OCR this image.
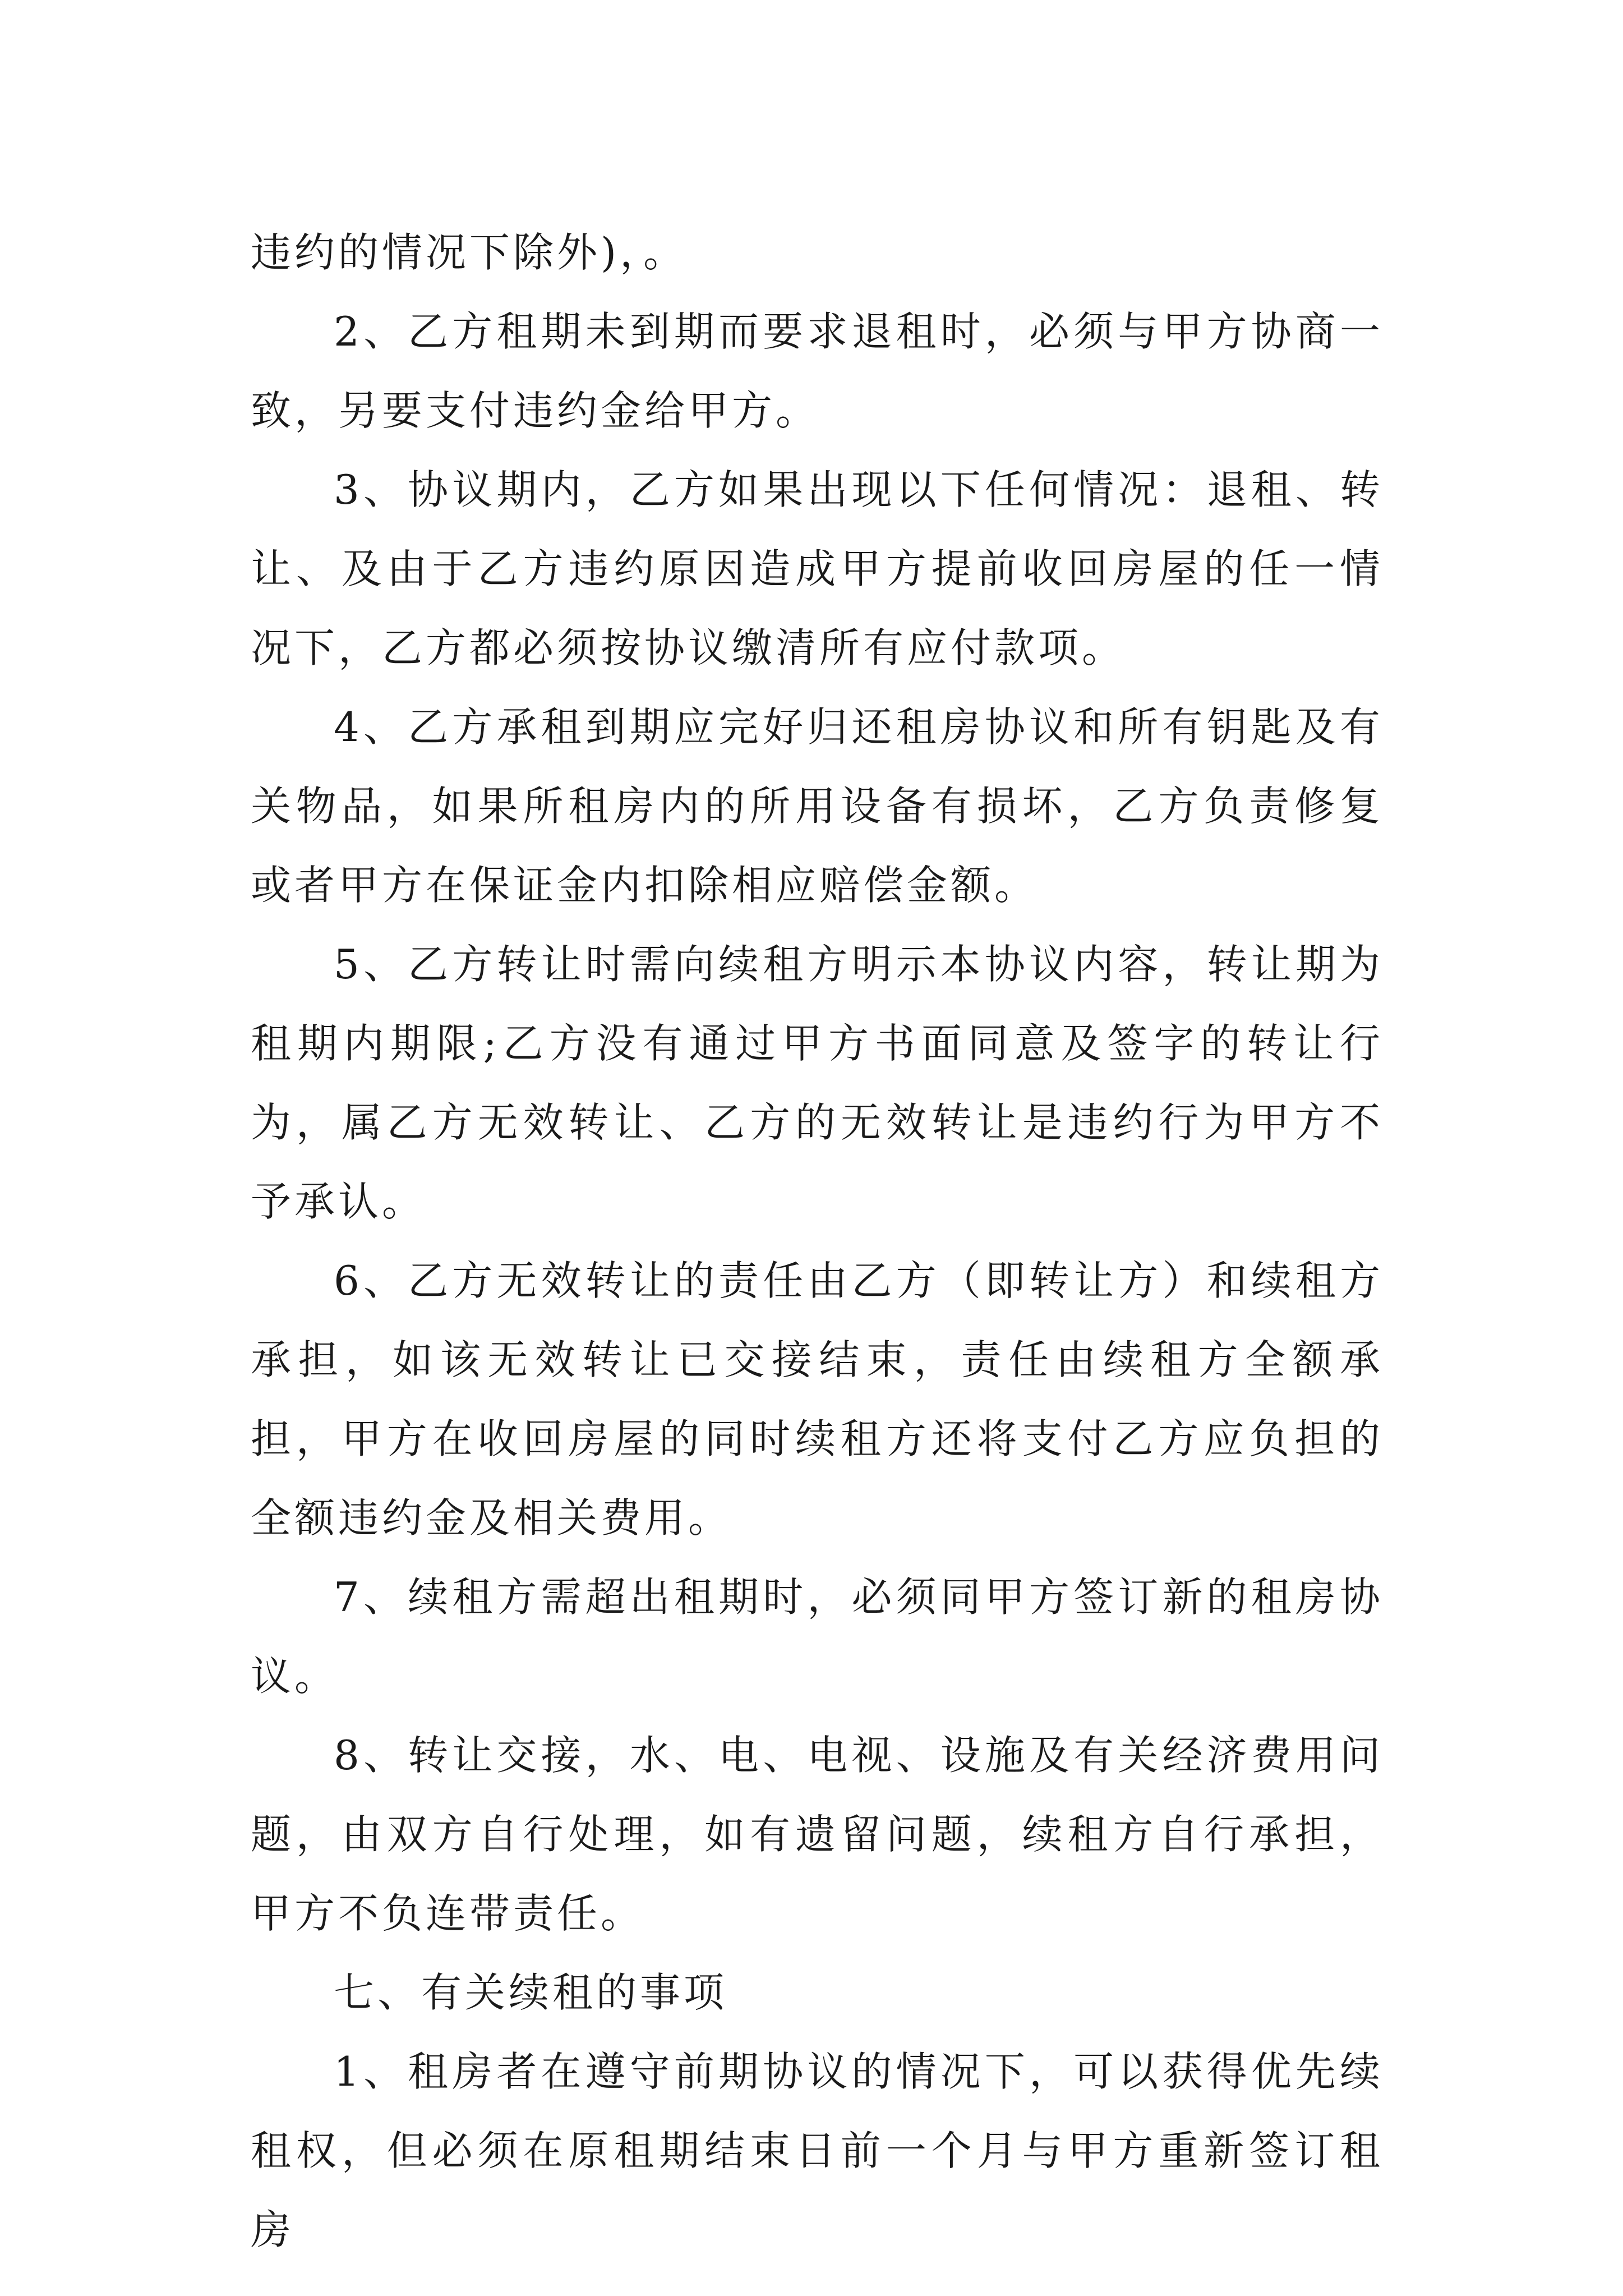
违约的情况下除外)，。

2、乙方租期未到期而要求退租时，必须与甲方协商一致，另要支付违约金给甲方。

3、协议期内，乙方如果出现以下任何情况：退租、转让、及由于乙方违约原因造成甲方提前收回房屋的任一情况下，乙方都必须按协议缴清所有应付款项。

4、乙方承租到期应完好归还租房协议和所有钥匙及有关物品，如果所租房内的所用设备有损坏，乙方负责修复或者甲方在保证金内扣除相应赔偿金额。

5、乙方转让时需向续租方明示本协议内容，转让期为租期内期限;乙方没有通过甲方书面同意及签字的转让行为，属乙方无效转让、乙方的无效转让是违约行为甲方不予承认。

6、乙方无效转让的责任由乙方（即转让方）和续租方承担，如该无效转让已交接结束，责任由续租方全额承担，甲方在收回房屋的同时续租方还将支付乙方应负担的全额违约金及相关费用。

7、续租方需超出租期时，必须同甲方签订新的租房协议。

8、转让交接，水、电、电视、设施及有关经济费用问题，由双方自行处理，如有遗留问题，续租方自行承担，甲方不负连带责任。

七、有关续租的事项

1、租房者在遵守前期协议的情况下，可以获得优先续租权，但必须在原租期结束日前一个月与甲方重新签订租房
